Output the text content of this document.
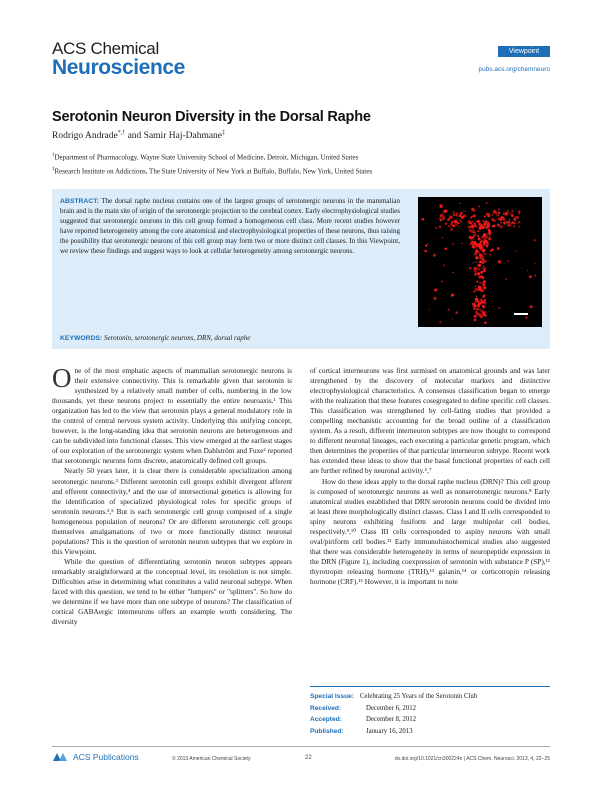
ACS Chemical
Neuroscience
Viewpoint
pubs.acs.org/chemneuro
Serotonin Neuron Diversity in the Dorsal Raphe
Rodrigo Andrade*,† and Samir Haj-Dahmane‡
†Department of Pharmacology, Wayne State University School of Medicine, Detroit, Michigan, United States
‡Research Institute on Addictions, The State University of New York at Buffalo, Buffalo, New York, United States
ABSTRACT: The dorsal raphe nucleus contains one of the largest groups of serotonergic neurons in the mammalian brain and is the main site of origin of the serotonergic projection to the cerebral cortex. Early electrophysiological studies suggested that serotonergic neurons in this cell group formed a homogeneous cell class. More recent studies however have reported heterogeneity among the core anatomical and electrophysiological properties of these neurons, thus raising the possibility that serotonergic neurons of this cell group may form two or more distinct cell classes. In this Viewpoint, we review these findings and suggest ways to look at cellular heterogeneity among serotonergic neurons.
KEYWORDS: Serotonin, serotonergic neurons, DRN, dorsal raphe

One of the most emphatic aspects of mammalian serotonergic neurons is their extensive connectivity. This is remarkable given that serotonin is synthesized by a relatively small number of cells, numbering in the low thousands, yet these neurons project to essentially the entire neuroaxis.¹ This organization has led to the view that serotonin plays a general modulatory role in the control of central nervous system activity. Underlying this unifying concept, however, is the long-standing idea that serotonin neurons are heterogeneous and can be subdivided into functional classes. This view emerged at the earliest stages of our exploration of the serotonergic system when Dahlström and Fuxe² reported that serotonergic neurons form discrete, anatomically defined cell groups.

Nearly 50 years later, it is clear there is considerable specialization among serotonergic neurons.³ Different serotonin cell groups exhibit divergent afferent and efferent connectivity,⁴ and the use of intersectional genetics is allowing for the identification of specialized physiological roles for specific groups of serotonin neurons.³,⁵ But is each serotonergic cell group composed of a single homogeneous population of neurons? Or are different serotonergic cell groups themselves amalgamations of two or more functionally distinct neuronal populations? This is the question of serotonin neuron subtypes that we explore in this Viewpoint.

While the question of differentiating serotonin neuron subtypes appears remarkably straightforward at the conceptual level, its resolution is not simple. Difficulties arise in determining what constitutes a valid neuronal subtype. When faced with this question, we tend to be either "lumpers" or "splitters". So how do we determine if we have more than one subtype of neurons? The classification of cortical GABAergic interneurons offers an example worth considering. The diversity

of cortical interneurons was first surmised on anatomical grounds and was later strengthened by the discovery of molecular markers and distinctive electrophysiological characteristics. A consensus classification began to emerge with the realization that these features cosegregated to define specific cell classes. This classification was strengthened by cell-fating studies that provided a compelling mechanistic accounting for the broad outline of a classification system. As a result, different interneuron subtypes are now thought to correspond to different neuronal lineages, each executing a particular genetic program, which then determines the properties of that particular interneuron subtype. Recent work has extended these ideas to show that the basal functional properties of each cell are further refined by neuronal activity.⁶,⁷

How do these ideas apply to the dorsal raphe nucleus (DRN)? This cell group is composed of serotonergic neurons as well as nonserotonergic neurons.⁸ Early anatomical studies established that DRN serotonin neurons could be divided into at least three morphologically distinct classes. Class I and II cells corresponded to spiny neurons exhibiting fusiform and large multipolar cell bodies, respectively.⁹,¹⁰ Class III cells corresponded to aspiny neurons with small oval/piriform cell bodies.¹¹ Early immunohistochemical studies also suggested that there was considerable heterogeneity in terms of neuropeptide expression in the DRN (Figure 1), including coexpression of serotonin with substance P (SP),¹² thyrotropin releasing hormone (TRH),¹³ galanin,¹⁴ or corticotropin releasing hormone (CRF).¹⁵ However, it is important to note

Special Issue: Celebrating 25 Years of the Serotonin Club
Received:	December 6, 2012
Accepted:	December 8, 2012
Published:	January 16, 2013
ACS Publications	© 2013 American Chemical Society	22	dx.doi.org/10.1021/cn300224n | ACS Chem. Neurosci. 2013, 4, 22−25
